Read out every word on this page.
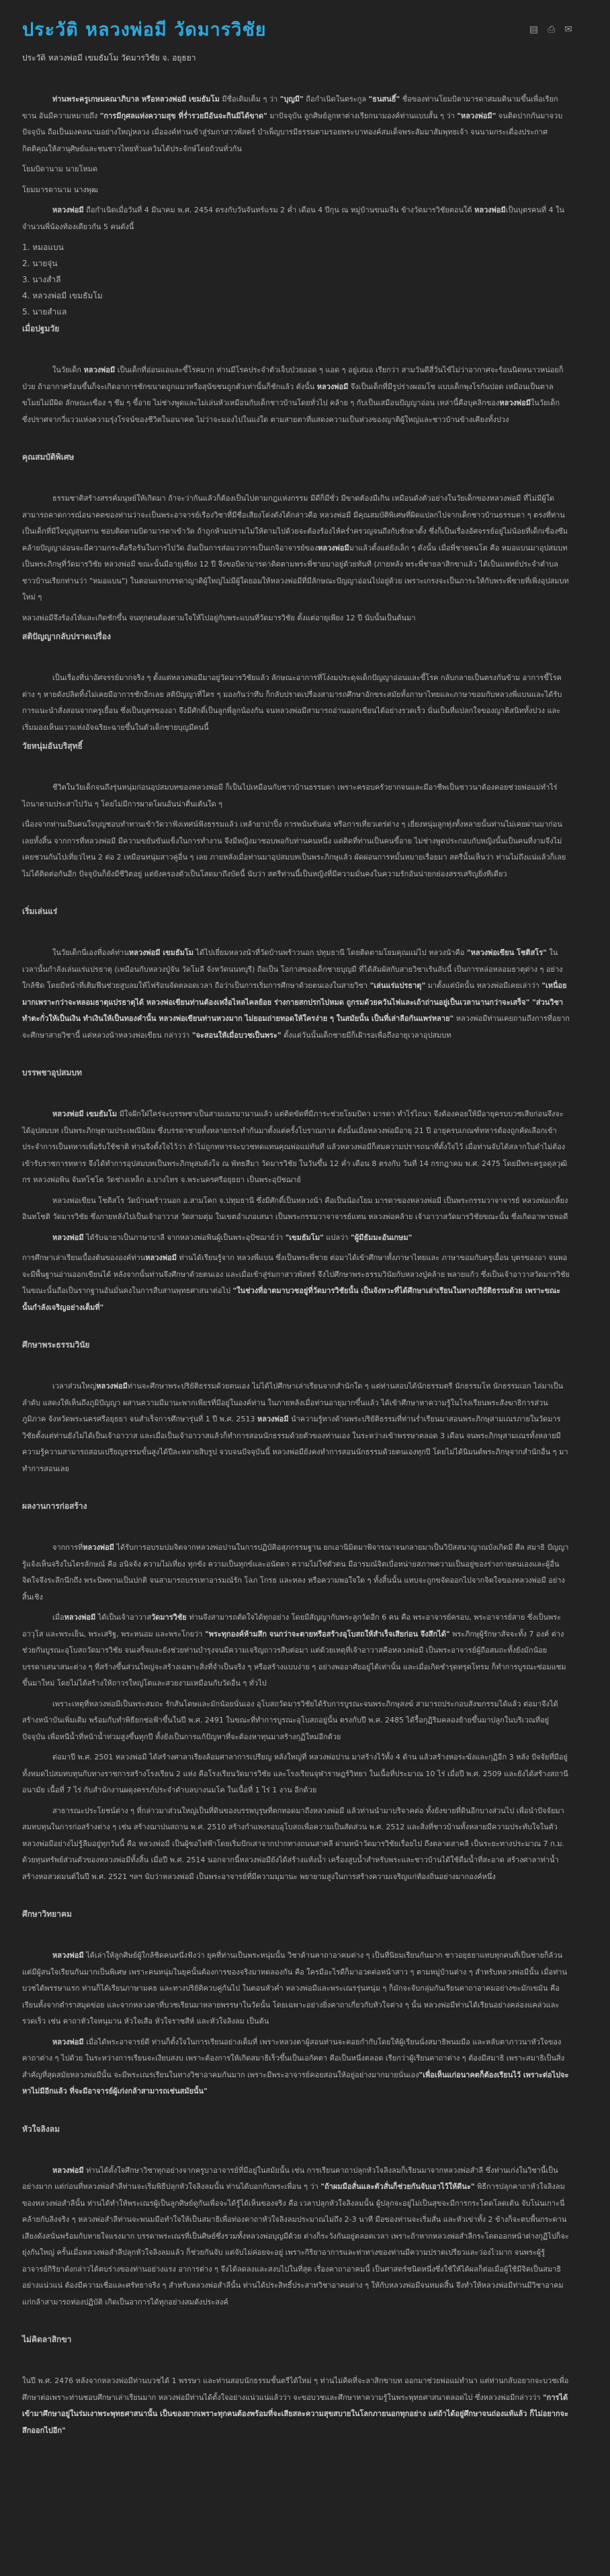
ประวัติ หลวงพ่อมี วัดมารวิชัย	▤ ⎙ ✉
ประวัติ หลวงพ่อมี เขมธัมโม วัดมารวิชัย จ. อยุธยา
ท่านพระครูเกษมคณาภิบาล หรือหลวงพ่อมี เขมธัมโม มีชื่อเดิมเต็ม ๆ ว่า "บุญมี" ถือกำเนิดในตระกูล "ธนสนธิ์" ชื่อของท่านโยมบิดามารดาสมมตินามขึ้นเพื่อเรียกขาน อันมีความหมายถึง "การมีกุศลแห่งความสุข ที่ร่ำรวยมีอันจะกินมิได้ขาด" มาปัจจุบัน ลูกศิษย์ลูกหาต่างเรียกนามองค์ท่านแบบสั้น ๆ ว่า "หลวงพ่อมี" จนติดปากกันมาจวบปัจจุบัน ถือเป็นมงคลนามอย่างใหญ่หลวง เมื่อองค์ท่านเข้าสู่ร่มกาสาวพัสตร์ บำเพ็ญบารมีธรรมตามรอยพระบาทองค์สมเด็จพระสัมมาสัมพุทธเจ้า จนนามกระเดื่องประกาศกิตติคุณให้สานุศิษย์และชนชาวไทยทั่วแคว้นได้ประจักษ์โดยถ้วนทั่วกัน
โยมบิดานาม นายโหมด
โยมมารดานาม นางพุฒ
หลวงพ่อมี ถือกำเนิดเมื่อวันที่ 4 มีนาคม พ.ศ. 2454 ตรงกับวันจันทร์แรม 2 ค่ำ เดือน 4 ปีกุน ณ หมู่บ้านขนมจีน ข้างวัดมารวิชัยตอนใต้ หลวงพ่อมีเป็นบุตรคนที่ 4 ในจำนวนพี่น้องท้องเดียวกัน 5 คนดังนี้
1. หมอแบน
2. นายจุ่น
3. นางสำลี
4. หลวงพ่อมี เขมธัมโม
5. นายสำแล
เมื่อปฐมวัย
ในวัยเด็ก หลวงพ่อมี เป็นเด็กที่อ่อนแอและขี้โรคมาก ท่านมีโรคประจำตัวเจ็บป่วยออด ๆ แอด ๆ อยู่เสมอ เรียกว่า สามวันดีสี่วันไข้ไม่ว่าอากาศจะร้อนนิดหนาวหน่อยก็ป่วย ถ้าอากาศร้อนขึ้นก็จะเกิดอาการชักขนาดถูกแมวหรือสุนัขชนถูกตัวเท่านั้นก็ชักแล้ว ดังนั้น หลวงพ่อมี จึงเป็นเด็กที่มีรูปร่างผอมโซ แบบเด็กพุงโรก้นปอด เหมือนเป็นตาลขโมยไม่มีผิด ลักษณะเซื่อง ๆ ซึม ๆ ขี้อาย ไม่ช่างพูดและไม่เล่นหัวเหมือนกับเด็กชาวบ้านโดยทั่วไป คล้าย ๆ กับเป็นเสมือนปัญญาอ่อน เหล่านี้คือบุคลิกของหลวงพ่อมีในวัยเด็ก ซึ่งปราศจากวี่แววแห่งความรุ่งโรจน์ของชีวิตในอนาคต ไม่ว่าจะมองไปในแง่ใด ตามสายตาที่แสดงความเป็นห่วงของญาติผู้ใหญ่และชาวบ้านข้างเคียงทั้งปวง
คุณสมบัติพิเศษ
ธรรมชาติสร้างสรรค์มนุษย์ให้เกิดมา ถ้าจะว่ากันแล้วก็ต้องเป็นไปตามกฎแห่งกรรม มีดีก็มีชั่ว มีขาดต้องมีเกิน เหมือนดังตัวอย่างในวัยเด็กของหลวงพ่อมี ที่ไม่มีผู้ใดสามารถคาดการณ์อนาคตของท่านว่าจะเป็นพระอาจารย์เรืองวิชาที่มีชื่อเสียงโด่งดังได้กล่าวคือ หลวงพ่อมี มีคุณสมบัติพิเศษที่ผิดแปลกไปจากเด็กชาวบ้านธรรมดา ๆ ตรงที่ท่านเป็นเด็กที่มีใจบุญสุนทาน ชอบติดตามบิดามารดาเข้าวัด ถ้าถูกห้ามปรามไม่ให้ตามไปด้วยจะต้องร้องไห้คร่ำครวญจนถึงกับชักตาตั้ง ซึ่งก็เป็นเรื่องอัศจรรย์อยู่ไม่น้อยที่เด็กเซื่องซึมคล้ายปัญญาอ่อนจะมีความกระตือรือร้นในการไปวัด อันเป็นการส่อแววการเป็นเกจิอาจารย์ของหลวงพ่อมีมาแล้วตั้งแต่ยังเล็ก ๆ ดังนั้น เมื่อพี่ชายคนโต คือ หมอแบนมาอุปสมบทเป็นพระภิกษุที่วัดมารวิชัย หลวงพ่อมี ขณะนั้นมีอายุเพียง 12 ปี จึงขอบิดามารดาติดตามพระพี่ชายมาอยู่ด้วยทันที (ภายหลัง พระพี่ชายลาสิกขาแล้ว ได้เป็นแพทย์ประจำตำบล ชาวบ้านเรียกท่านว่า "หมอแบน") ในตอนแรกบรรดาญาติผู้ใหญ่ไม่มีผู้ใดยอมให้หลวงพ่อมีที่มีลักษณะปัญญาอ่อนไปอยู่ด้วย เพราะเกรงจะเป็นภาระให้กับพระพี่ชายที่เพิ่งอุปสมบทใหม่ ๆ
หลวงพ่อมีจึงร้องไห้และเกิดชักขึ้น จนทุกคนต้องตามใจให้ไปอยู่กับพระแบนที่วัดมารวิชัย ตั้งแต่อายุเพียง 12 ปี นับนั้นเป็นต้นมา
สติปัญญากลับปราดเปรื่อง
เป็นเรื่องที่น่าอัศจรรย์มากจริง ๆ ตั้งแต่หลวงพ่อมีมาอยู่วัดมารวิชัยแล้ว ลักษณะอาการที่โง่งมประดุจเด็กปัญญาอ่อนและขี้โรค กลับกลายเป็นตรงกันข้าม อาการขี้โรคต่าง ๆ หายดังปลิดทิ้งไม่เคยมีอาการชักอีกเลย สติปัญญาที่ใคร ๆ มองกันว่าทึบ ก็กลับปราดเปรื่องสามารถศึกษาอักขระสมัยทั้งภาษาไทยและภาษาขอมกับหลวงพี่แบนและได้รับการแนะนำสั่งสอนจากครูเยื้อน ซึ่งเป็นบุตรของอา จึงมีศักดิ์เป็นลูกพี่ลูกน้องกัน จนหลวงพ่อมีสามารถอ่านออกเขียนได้อย่างรวดเร็ว นั่นเป็นที่แปลกใจของญาติสนิททั้งปวง และเริ่มมองเห็นแววแห่งอัจฉริยะฉายขึ้นในตัวเด็กชายบุญมีคนนี้
วัยหนุ่มอันบริสุทธิ์
ชีวิตในวัยเด็กจนถึงรุ่นหนุ่มก่อนอุปสมบทของหลวงพ่อมี ก็เป็นไปเหมือนกับชาวบ้านธรรมดา เพราะครอบครัวยากจนและมีอาชีพเป็นชาวนาต้องคอยช่วยพ่อแม่ทำไร่ไถนาตามประสาไปวัน ๆ โดยไม่มีการผาดโผนอันน่าตื่นเต้นใด ๆ
เนื่องจากท่านเป็นคนใจบุญชอบทำทานเข้าวัดวาฟังเทศน์ฟังธรรมแล้ว เหล้ายาปาปิ้ง การพนันขันต่อ หรือการเที่ยวเตร่ต่าง ๆ เยี่ยงหนุ่มลูกทุ่งทั้งหลายนั้นท่านไม่เคยผ่านมาก่อนเลยทั้งสิ้น จากการที่หลวงพ่อมี มีความขยันขันแข็งในการทำงาน จึงมีหญิงมาชอบพอกับท่านคนหนึ่ง แต่ติดที่ท่านเป็นคนขี้อาย ไม่ช่างพูดประกอบกับหญิงนั้นเป็นคนที่งามจึงไม่เคยชวนกันไปเที่ยวไหน 2 ต่อ 2 เหมือนหนุ่มสาวคู่อื่น ๆ เลย ภายหลังเมื่อท่านมาอุปสมบทเป็นพระภิกษุแล้ว ผัดผ่อนการหมั้นหมายเรื่อยมา สตรีนั้นเห็นว่า ท่านไม่ถึงแน่แล้วก็เลยไม่ได้ติดต่อกันอีก ปัจจุบันก็ยังมีชีวิตอยู่ แต่ยังครองตัวเป็นโสดมาถึงบัดนี้ นับว่า สตรีท่านนี้เป็นหญิงที่มีความมั่นคงในความรักอันน่ายกย่องสรรเสริญยิ่งทีเดียว
เริ่มเล่นแร่
ในวัยเด็กนี่เองที่องค์ท่านหลวงพ่อมี เขมธัมโม ได้ไปเยี่ยมหลวงน้าที่วัดบ้านพร้าวนอก ปทุมธานี โดยติดตามโยมคุณแม่ไป หลวงน้าคือ "หลวงพ่อเขียน โชติสโร" ในเวลานั้นกำลังเล่นแร่แปรธาตุ (เหมือนกับหลวงปู่จัน วัดโมลี จังหวัดนนทบุรี) ถือเป็น โอกาสของเด็กชายบุญมี ที่ได้สัมผัสกับสายวิชาเร้นลับนี้ เป็นการหล่อหลอมธาตุต่าง ๆ อย่างใกล้ชิด โดยมีหน้าที่เติมฟืนช่วยสูบลมให้ไฟร้อนจัดตลอดเวลา ถือว่าเป็นการเริ่มการศึกษาด้วยตนเองในสายวิชา "เล่นแร่แปรธาตุ" มาตั้งแต่บัดนั้น หลวงพ่อมีเคยเล่าว่า "เหนื่อยมากเพราะกว่าจะหลอมธาตุแปรธาตุได้ หลวงพ่อเขียนท่านต้องเหงื่อไหลไคลย้อย ร่างกายสกปรกไปหมด ถูกรมด้วยควันไฟและเถ้าถ่านอยู่เป็นเวลานานกว่าจะเสร็จ" "ส่วนวิชาทำตะกั่วให้เป็นเงิน ทำเงินให้เป็นทองคำนั้น หลวงพ่อเขียนท่านหวงมาก ไม่ยอมถ่ายทอดให้ใครง่าย ๆ ในสมัยนั้น เป็นที่เล่าลือกันแพร่หลาย" หลวงพ่อมีท่านเคยถามถึงการที่อยากจะศึกษาสายวิชานี้ แต่หลวงน้าหลวงพ่อเขียน กล่าวว่า "จะสอนให้เมื่อบวชเป็นพระ" ตั้งแต่วันนั้นเด็กชายมีก็เฝ้ารอเพื่อถึงอายุเวลาอุปสมบท
บรรพชาอุปสมบท
หลวงพ่อมี เขมธัมโม มีใจฝักใฝ่ใคร่จะบรรพชาเป็นสามเณรมานานแล้ว แต่ติดขัดที่มีภาระช่วยโยมบิดา มารดา ทำไร่ไถนา จึงต้องคอยให้มีอายุครบบวชเสียก่อนจึงจะได้อุปสมบท เป็นพระภิกษุตามประเพณีนิยม ซึ่งบรรดาชายทั้งหลายกระทำกันมาตั้งแต่ครั้งโบราณกาล ดังนั้นเมื่อหลวงพ่อมีอายุ 21 ปี อายุครบเกณฑ์ทหารต้องถูกคัดเลือกเข้าประจำการเป็นทหารเพื่อรับใช้ชาติ ท่านจึงตั้งใจไว้ว่า ถ้าไม่ถูกทหารจะบวชทดแทนคุณพ่อแม่ทันที แล้วหลวงพ่อมีก็สมความปรารถนาที่ตั้งใจไว้ เมื่อท่านจับได้สลากใบดำไม่ต้องเข้ารับราชการทหาร จึงได้ทำการอุปสมบทเป็นพระภิกษุสมดังใจ ณ พัทธสีมา วัดมารวิชัย ในวันขึ้น 12 ค่ำ เดือน 8 ตรงกับ วันที่ 14 กรกฎาคม พ.ศ. 2475 โดยมีพระครูอดุลวุฒิกร หลวงพ่อพิน จันทโชโต วัดช่างเหล็ก อ.บางไทร จ.พระนครศรีอยุธยา เป็นพระอุปัชฌาย์
หลวงพ่อเขียน โชติสโร วัดบ้านพร้าวนอก อ.สามโคก จ.ปทุมธานี ซึ่งมีศักดิ์เป็นหลวงน้า คือเป็นน้องโยม มารดาของหลวงพ่อมี เป็นพระกรรมวาจาจารย์ หลวงพ่อเกลี้ยง อินทโชติ วัดมารวิชัย ซึ่งภายหลังไปเป็นเจ้าอาวาส วัดสามตุ่ม ในเขตอำเภอเสนา เป็นพระกรรมวาจาจารย์แทน หลวงพ่อคล้าย เจ้าอาวาสวัดมารวิชัยขณะนั้น ซึ่งเกิดอาพาธพอดี
หลวงพ่อมี ได้รับฉายาเป็นภาษาบาลี จากหลวงพ่อพินผู้เป็นพระอุปัชฌาย์ว่า "เขมธัมโม" แปลว่า "ผู้มีธัมมะอันเกษม"
การศึกษาเล่าเรียนเบื้องต้นขององค์ท่านหลวงพ่อมี ท่านได้เรียนรู้จาก หลวงพี่แบน ซึ่งเป็นพระพี่ชาย ต่อมาได้เข้าศึกษาทั้งภาษาไทยและ ภาษาขอมกับครูเยื้อน บุตรของอา จนพอจะมีพื้นฐานอ่านออกเขียนได้ หลังจากนั้นท่านจึงศึกษาด้วยตนเอง และเมื่อเข้าสู่ร่มกาสาวพัสตร์ จึงไปศึกษาพระธรรมวินัยกับหลวงปู่คล้าย พลายแก้ว ซึ่งเป็นเจ้าอาวาสวัดมารวิชัย ในขณะนั้นถือเป็นรากฐานอันมั่นคงในการสืบสานพุทธศาสนาต่อไป "ในช่วงที่อาตมาบวชอยู่ที่วัดมารวิชัยนั้น เป็นจังหวะที่ได้ศึกษาเล่าเรียนในทางปริยัติธรรมด้วย เพราะขณะนั้นกำลังเจริญอย่างเต็มที่"
ศึกษาพระธรรมวินัย
เวลาส่วนใหญ่หลวงพ่อมีท่านจะศึกษาพระปริยัติธรรมด้วยตนเอง ไม่ได้ไปศึกษาเล่าเรียนจากสำนักใด ๆ แต่ท่านสอบได้นักธรรมตรี นักธรรมโท นักธรรมเอก ไล่มาเป็นลำดับ แสดงให้เห็นถึงภูมิปัญญา ผสานความมีมานะพากเพียรที่มีอยู่ในองค์ท่าน ในภายหลังเมื่อท่านอายุมากขึ้นแล้ว ได้เข้าศึกษาหาความรู้ในโรงเรียนพระสังฆาธิการส่วนภูมิภาค จังหวัดพระนครศรีอยุธยา จนสำเร็จการศึกษารุ่นที่ 1 ปี พ.ศ. 2513 หลวงพ่อมี นำความรู้ทางด้านพระปริยัติธรรมที่ท่านร่ำเรียนมาสอนพระภิกษุสามเณรภายในวัดมารวิชัยตั้งแต่ท่านยังไม่ได้เป็นเจ้าอาวาส และเมื่อเป็นเจ้าอาวาสแล้วก็ทำการสอนนักธรรมด้วยตัวของท่านเอง ในระหว่างเข้าพรรษาตลอด 3 เดือน จนพระภิกษุสามเณรทั้งหลายมีความรู้ความสามารถสอบเปรียญธรรมขั้นสูงได้ปีละหลายสิบรูป จวบจนปัจจุบันนี้ หลวงพ่อมียังคงทำการสอนนักธรรมด้วยตนเองทุกปี โดยไม่ได้นิมนต์พระภิกษุจากสำนักอื่น ๆ มาทำการสอนเลย
ผลงานการก่อสร้าง
จากการที่หลวงพ่อมี ได้รับการอบรมบ่มจิตจากหลวงพ่อปานในการปฏิบัติอสุภกรรมฐาน ยกเอานิมิตมาพิจารณาจนกลายมาเป็นวิปัสสนาญาณบังเกิดมี ศีล สมาธิ ปัญญา รู้แจ้งเห็นจริงในไตรลักษณ์ คือ อนิจจัง ความไม่เที่ยง ทุกขัง ความเป็นทุกข์และอนัตตา ความไม่ใช่ตัวตน มีอารมณ์จิตเบื่อหน่ายสภาพความเป็นอยู่ของร่างกายตนเองและผู้อื่น จิตใจจึงระลึกนึกถึง พระนิพพานเป็นปกติ จนสามารถบรรเทาอารมณ์รัก โลภ โกรธ และหลง หรือความพอใจใด ๆ ทั้งสิ้นนั้น แทบจะถูกขจัดออกไปจากจิตใจของหลวงพ่อมี อย่างสิ้นเชิง
เมื่อหลวงพ่อมี ได้เป็นเจ้าอาวาสวัดมารวิชัย ท่านจึงสามารถตัดใจได้ทุกอย่าง โดยมีสัญญากับพระลูกวัดอีก 6 คน คือ พระอาจารย์ครอบ, พระอาจารย์สาย ซึ่งเป็นพระอาวุโส และพระเย็น, พระเสริฐ, พระหนอม และพระโกยว่า "พระทุกองค์ห้ามสึก จนกว่าจะตายหรือสร้างอุโบสถให้สำเร็จเสียก่อน จึงสึกได้" พระภิกษุผู้รักษาสัจจะทั้ง 7 องค์ ต่างช่วยกันบูรณะอุโบสถวัดมารวิชัย จนเสร็จและยังช่วยท่านบำรุงจนมีความเจริญถาวรสืบต่อมา แต่ด้วยเหตุที่เจ้าอาวาสคือหลวงพ่อมี เป็นพระอาจารย์ผู้ถือสมถะทั้งยังมักน้อย บรรดาเสนาสนะต่าง ๆ ที่สร้างขึ้นส่วนใหญ่จะสร้างเฉพาะสิ่งที่จำเป็นจริง ๆ หรือสร้างแบบง่าย ๆ อย่างพออาศัยอยู่ได้เท่านั้น และเมื่อเกิดชำรุดทรุดโทรม ก็ทำการบูรณะซ่อมแซมขึ้นมาใหม่ โดยไม่ได้สร้างให้ถาวรใหญ่โตและสวยงามเหมือนกับวัดอื่น ๆ ทั่วไป
เพราะเหตุที่หลวงพ่อมีเป็นพระสมถะ รักสันโดษและมักน้อยนั่นเอง อุโบสถวัดมารวิชัยได้รับการบูรณะจนพระภิกษุสงฆ์ สามารถประกอบสังฆกรรมได้แล้ว ต่อมาจึงได้สร้างหน้าบันเพิ่มเติม พร้อมกับทำพิธียกช่อฟ้าขึ้นในปี พ.ศ. 2491 ในขณะที่ทำการบูรณะอุโบสถอยู่นั้น ตรงกับปี พ.ศ. 2485 ได้รื้อกุฏิริมคลองย้ายขึ้นมาปลูกในบริเวณที่อยู่ปัจจุบัน เพื่อหนีน้ำที่หน้าน้ำท่วมสูงขึ้นทุกปี ทั้งยังเป็นการแก้ปัญหาที่จะต้องหาทุนมาสร้างกุฏิใหม่อีกด้วย
ต่อมาปี พ.ศ. 2501 หลวงพ่อมี ได้สร้างศาลาเรียงล้อมศาลาการเปรียญ หลังใหญ่ที่ หลวงพ่อปาน มาสร้างไว้ทั้ง 4 ด้าน แล้วสร้างหอระฆังและกุฏิอีก 3 หลัง ปัจจัยที่มีอยู่ทั้งหมดไปสมทบทุนกับทางราชการสร้างโรงเรียน 2 แห่ง คือโรงเรียนวัดมารวิชัย และโรงเรียนจุฬาราษฎร์วิทยา ในเนื้อที่ประมาณ 10 ไร่ เมื่อปี พ.ศ. 2509 และยังได้สร้างสถานีอนามัย เนื้อที่ 7 ไร่ กับสำนักงานผดุงครรภ์ประจำตำบลบางนมโค ในเนื้อที่ 1 ไร่ 1 งาน อีกด้วย
สาธารณะประโยชน์ต่าง ๆ ที่กล่าวมาส่วนใหญ่เป็นที่ดินของบรรพบุรุษที่ตกทอดมาถึงหลวงพ่อมี แล้วท่านนำมาบริจาคต่อ ทั้งยังขายที่ดินอีกบางส่วนไป เพื่อนำปัจจัยมาสมทบทุนในการก่อสร้างต่าง ๆ เช่น สร้างฌาปนสถาน พ.ศ. 2510 สร้างกำแพงรอบอุโบสถเพื่อความเป็นสัดส่วน พ.ศ. 2512 และสิ่งที่ชาวบ้านทั้งหลายมีความประทับใจในตัวหลวงพ่อมีอย่างไม่รู้ลืมอยู่ทุกวันนี้ คือ หลวงพ่อมี เป็นผู้ขอไฟฟ้าโดยเริ่มปักเสาจากปากทางถนนสาคลี ผ่านหน้าวัดมารวิชัยเรื่อยไป ถึงตลาดสาคลี เป็นระยะทางประมาณ 7 ก.ม. ด้วยทุนทรัพย์ส่วนตัวของหลวงพ่อมีทั้งสิ้น เมื่อปี พ.ศ. 2514 นอกจากนี้หลวงพ่อมียังได้สร้างแท้งน้ำ เครื่องสูบน้ำสำหรับพระและชาวบ้านได้ใช้ดื่มน้ำที่สะอาด สร้างศาลาท่าน้ำ สร้างหอสวดมนต์ในปี พ.ศ. 2521 ฯลฯ นับว่าหลวงพ่อมี เป็นพระอาจารย์ที่มีความมุมานะ พยายามสูงในการสร้างความเจริญแก่ท้องถิ่นอย่างมากองค์หนึ่ง
ศึกษาวิทยาคม
หลวงพ่อมี ได้เล่าให้ลูกศิษย์ผู้ใกล้ชิดคนหนึ่งฟังว่า ยุคที่ท่านเป็นพระหนุ่มนั้น วิชาด้านคาถาอาคมต่าง ๆ เป็นที่นิยมเรียนกันมาก ชาวอยุธยาแทบทุกคนที่เป็นชายก็ล้วนแต่มีผู้สนใจเรียนกันมากเป็นพิเศษ เพราะคนหนุ่มในยุคนั้นต้องการของจริงมาทดลองกัน คือ ใครมีอะไรดีก็มาอวดต่อหน้าสาว ๆ ตามหมู่บ้านต่าง ๆ สำหรับหลวงพ่อมีนั้น เมื่อท่านบวชได้พรรษาแรก ท่านก็ได้เรียนภาษามคธ และทางปริยัติควบคู่กันไป ในตอนหัวค่ำ หลวงพ่อมีและพระเณรรุ่นหนุ่ม ๆ ก็มักจะจับกลุ่มกันเรียนคาถาอาคมอย่างขะมักเขม้น คือเรียนทั้งจากตำราสมุดข่อย และจากหลวงตาที่บวชเรียนมาหลายพรรษาในวัดนั้น โดยเฉพาะอย่างยิ่งคาถาเกี่ยวกับหัวใจต่าง ๆ นั้น หลวงพ่อมีท่านได้เรียนอย่างคล่องแคล่วและรวดเร็ว เช่น คาถาหัวใจหนุมาน หัวใจเสือ หัวใจราชสีห์ และหัวใจลิงลม เป็นต้น
หลวงพ่อมี เมื่อได้พระอาจารย์ดี ท่านก็ตั้งใจในการเรียนอย่างเต็มที่ เพราะหลวงตาผู้สอนท่านจะคอยกำกับโดยให้ผู้เรียนนั่งสมาธิพนมมือ และหลับตาภาวนาหัวใจของคาถาต่าง ๆ ไปด้วย ในระหว่างการเรียนจะเงียบสงบ เพราะต้องการให้เกิดสมาธิเร็วขึ้นเป็นเอกัคตา คือเป็นหนึ่งตลอด เรียกว่าผู้เรียนคาถาต่าง ๆ ต้องมีสมาธิ เพราะสมาธิเป็นสิ่งสำคัญที่สุดสมัยหลวงพ่อมีนั้น จะมีพระเณรเรียนในทางวิชาอาคมกันมาก เพราะมีพระอาจารย์คอยสอนให้อยู่อย่างมากมายนั่นเอง"เพื่อเห็นแก่อนาคตก็ต้องเรียนไว้ เพราะต่อไปจะหาไม่มีอีกแล้ว ที่จะมีอาจารย์ผู้เก่งกล้าสามารถเช่นสมัยนั้น"
หัวใจลิงลม
หลวงพ่อมี ท่านได้ตั้งใจศึกษาวิชาทุกอย่างจากครูบาอาจารย์ที่มีอยู่ในสมัยนั้น เช่น การเรียนคาถาปลุกหัวใจลิงลมก็เรียนมาจากหลวงพ่อสำลี ซึ่งท่านเก่งในวิชานี้เป็นอย่างมาก แต่ก่อนที่หลวงพ่อสำลีท่านจะเริ่มพิธีปลุกหัวใจลิงลมนั้น ท่านได้บอกกับพระเพื่อน ๆ ว่า "ถ้าผมมือสั่นและตัวสั่นก็ช่วยกันจับเอาไว้ให้ดีนะ" พิธีการปลุกคาถาหัวใจลิงลมของหลวงพ่อสำลีนั้น ท่านได้ทำให้พระเณรผู้เป็นลูกศิษย์ดูกันเพื่อจะได้รู้ได้เห็นของจริง คือ เวลาปลุกหัวใจลิงลมนั้น ผู้ปลุกจะอยู่ไม่เป็นสุขจะมีการกระโดดโลดเต้น จับโน่นเกาะนี่คล้ายกับลิงจริง ๆ หลวงพ่อสำลีท่านจะพนมมือทำใจให้เป็นสมาธิเพื่อท่องคาถาหัวใจลิงลมประมาณไม่ถึง 2-3 นาที มือของท่านจะเริ่มสั่น และหัวเข่าทั้ง 2 ข้างก็จะตบพื้นกระดานเสียงดังสนั่นพร้อมกับหายใจแรงมาก บรรดาพระเณรที่เป็นศิษย์ซึ่งรวมทั้งหลวงพ่อบุญมีด้วย ต่างก็ระวังกันอยู่ตลอดเวลา เพราะถ้าหากหลวงพ่อสำลีกระโดดออกหน้าต่างกุฏิไปก็จะยุ่งกันใหญ่ ครั้นเมื่อหลวงพ่อสำลีปลุกหัวใจลิงลมแล้ว ก็ช่วยกันจับ แต่จับไม่ค่อยจะอยู่ เพราะกิริยาอาการและท่าทางของท่านมีความปราดเปรียวและว่องไวมาก จนพระผู้รู้อาจารย์กิริยาดังกล่าวได้ตบร่างของท่านอย่างแรง อาการต่าง ๆ จึงได้ลดลงและสงบไปในที่สุด เรื่องคาถาอาคมนี้ เป็นศาสตร์ชนิดหนึ่งซึ่งใช้ให้ได้ผลก็ต่อเมื่อผู้ใช้มีจิตเป็นสมาธิอย่างแน่วแน่ ต้องมีความเชื่อและศรัทธาจริง ๆ สำหรับหลวงพ่อสำลีนั้น ท่านได้ประสิทธิ์ประสาทวิชาอาคมต่าง ๆ ให้กับหลวงพ่อมีจนหมดสิ้น จึงทำให้หลวงพ่อมีท่านมีวิชาอาคมแก่กล้าสามารถท่องปฏิบัติ เกิดเป็นอาการได้ทุกอย่างสมดังประสงค์
ไม่คิดลาสิกขา
ในปี พ.ศ. 2476 หลังจากหลวงพ่อมีท่านบวชได้ 1 พรรษา และท่านสอบนักธรรมชั้นตรีได้ใหม่ ๆ ท่านไม่คิดที่จะลาสิกขาบท ออกมาช่วยพ่อแม่ทำนา แต่ท่านกลับอยากจะบวชเพื่อศึกษาต่อเพราะท่านชอบศึกษาเล่าเรียนมาก หลวงพ่อมีท่านได้ตั้งใจอย่างแน่วแน่แล้วว่า จะขอบวชและศึกษาหาความรู้ในพระพุทธศาสนาตลอดไป ซึ่งหลวงพ่อมีกล่าวว่า "การได้เข้ามาศึกษาอยู่ในร่มเงาพระพุทธศาสนานั้น เป็นของยากเพราะทุกคนต้องพร้อมที่จะเสียสละความสุขสบายในโลกภายนอกทุกอย่าง แต่ถ้าได้อยู่ศึกษาจนถ่องแท้แล้ว ก็ไม่อยากจะสึกออกไปอีก"
